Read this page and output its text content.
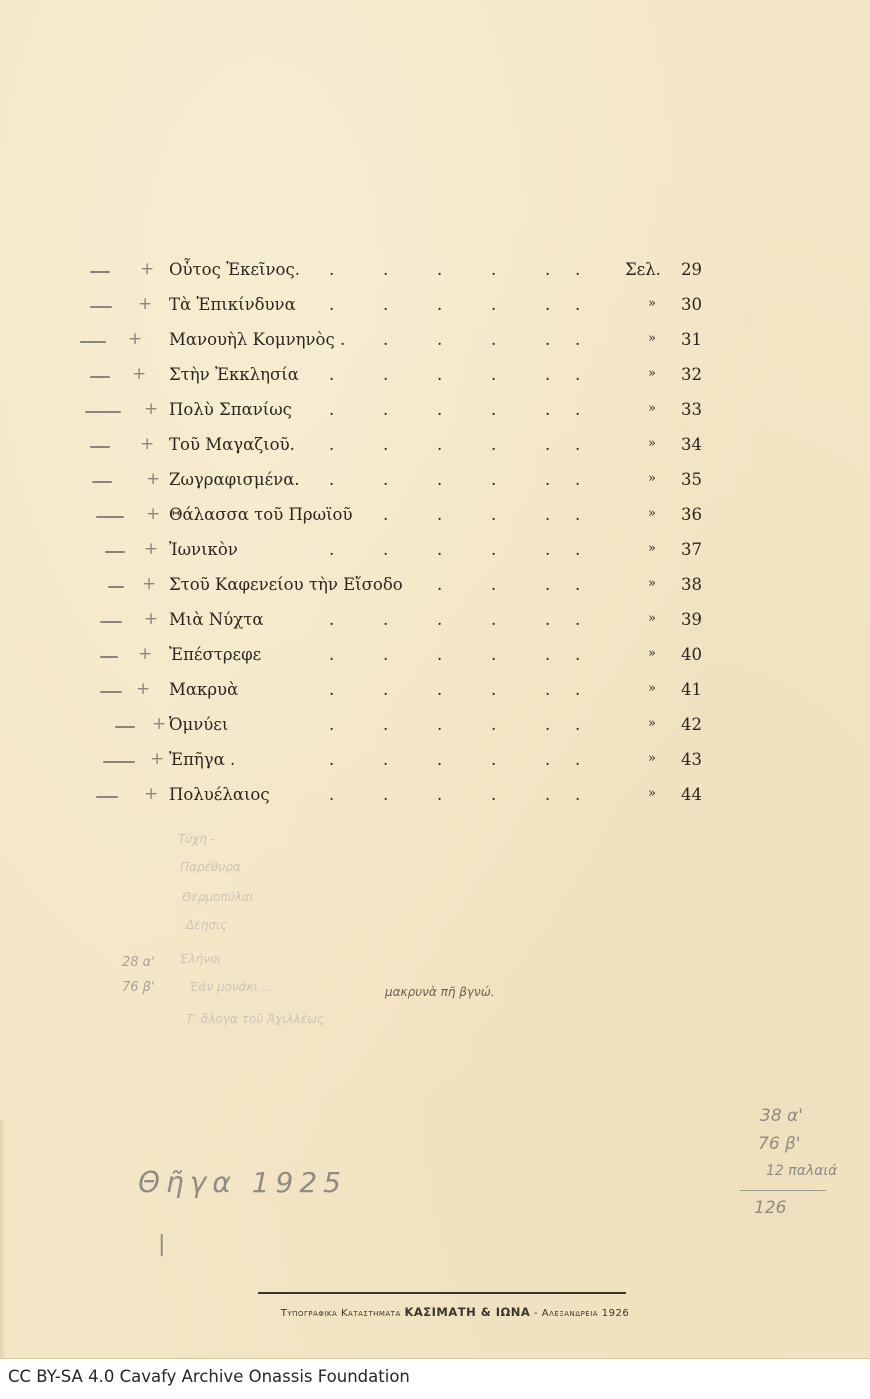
+ Οὗτος Ἐκεῖνος. .	.	.	.	. .	Σελ. 29
+ Τὰ Ἐπικίνδυνα .	.	.	.	. .	» 30
+ Μανουὴλ Κομνηνὸς . .	.	.	. .	» 31
+ Στὴν Ἐκκλησία .	.	.	.	. .	» 32
+ Πολὺ Σπανίως .	.	.	.	. .	» 33
+ Τοῦ Μαγαζιοῦ. .	.	.	.	. .	» 34
+ Ζωγραφισμένα. .	.	.	.	. .	» 35
+ Θάλασσα τοῦ Πρωϊοῦ .	.	.	. .	» 36
+ Ἰωνικὸν	.	.	.	.	. .	» 37
+ Στοῦ Καφενείου τὴν Εἴσοδο .	.	. .	» 38
+ Μιὰ Νύχτα	.	.	.	.	. .	» 39
+ Ἐπέστρεφε	.	.	.	.	. .	» 40
+ Μακρυὰ	.	.	.	.	. .	» 41
+ Ὀμνύει	.	.	.	.	. .	» 42
+ Ἐπῆγα .	.	.	.	.	. .	» 43
+ Πολυέλαιος	.	.	.	.	. .	» 44
Τύχη -
Παρέθυρα
Θερμοπύλαι
Δέησις
28 α' Ἐλήνοι
76 β'	Ἐάν μονάκι ...	μακρυνὰ πῆ βγνώ.
Τ' ἄλογα τοῦ Ἀχιλλέως
38 α'
76 β'
12 παλαιά
126
Θῆγα 1925
|
Τυπογραφικα Καταστηματα ΚΑΣΙΜΑΤΗ & ΙΩΝΑ - Αλεξανδρεια 1926
CC BY-SA 4.0 Cavafy Archive Onassis Foundation
